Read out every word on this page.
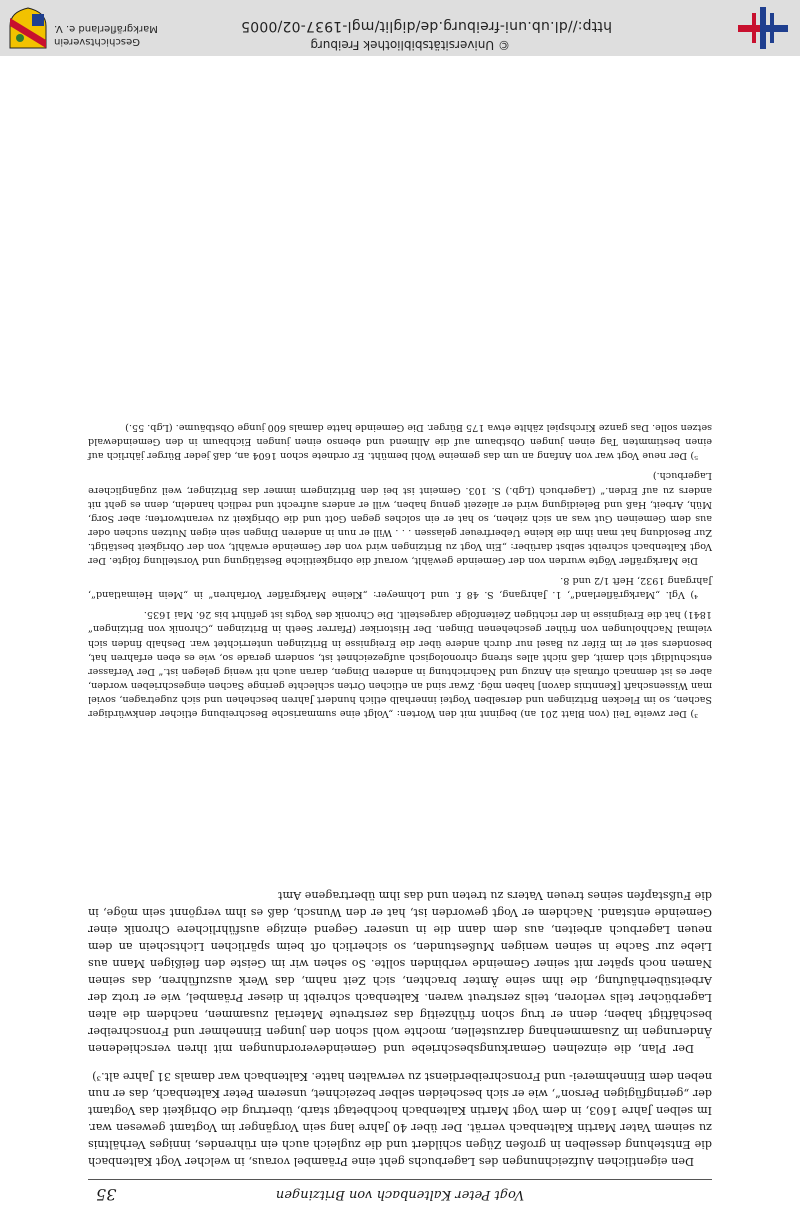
Vogt Peter Kaltenbach von Britzingen
35

Den eigentlichen Aufzeichnungen des Lagerbuchs geht eine Präambel voraus, in welcher Vogt Kaltenbach die Entstehung desselben in großen Zügen schildert und die zugleich auch ein rührendes, inniges Verhältnis zu seinem Vater Martin Kaltenbach verrät. Der über 40 Jahre lang sein Vorgänger im Vogtamt gewesen war. Im selben Jahre 1603, in dem Vogt Martin Kaltenbach hochbetagt starb, übertrug die Obrigkeit das Vogtamt der „geringfügigen Person“, wie er sich bescheiden selber bezeichnet, unserem Peter Kaltenbach, das er nun neben dem Einnehmerei- und Fronschreiberdienst zu verwalten hatte. Kaltenbach war damals 31 Jahre alt.³)

Der Plan, die einzelnen Gemarkungsbeschriebe und Gemeindeverordnungen mit ihren verschiedenen Änderungen im Zusammenhang darzustellen, mochte wohl schon den jungen Einnehmer und Fronschreiber beschäftigt haben; denn er trug schon frühzeitig das zerstreute Material zusammen, nachdem die alten Lagerbücher teils verloren, teils zerstreut waren. Kaltenbach schreibt in dieser Präambel, wie er trotz der Arbeitsüberhäufung, die ihm seine Ämter brachten, sich Zeit nahm, das Werk auszuführen, das seinen Namen noch später mit seiner Gemeinde verbinden sollte. So sehen wir im Geiste den fleißigen Mann aus Liebe zur Sache in seinen wenigen Mußestunden, so sicherlich oft beim spärlichen Lichtschein an dem neuen Lagerbuch arbeiten, aus dem dann die in unserer Gegend einzige ausführlichere Chronik einer Gemeinde entstand. Nachdem er Vogt geworden ist, hat er den Wunsch, daß es ihm vergönnt sein möge, in die Fußstapfen seines treuen Vaters zu treten und das ihm übertragene Amt

³) Der zweite Teil (von Blatt 201 an) beginnt mit den Worten: „Volgt eine summarische Beschreibung etlicher denkwürdiger Sachen, so im Flecken Britzingen und derselben Vogtei innerhalb etlich hundert Jahren beschehen und sich zugetragen, soviel man Wissenschaft [Kenntnis davon] haben mög. Zwar sind an etlichen Orten schlechte geringe Sachen eingeschrieben worden, aber es ist demnach oftmals ein Anzug und Nachrichtung in anderen Dingen, daran auch nit wenig gelegen ist.“ Der Verfasser entschuldigt sich damit, daß nicht alles streng chronologisch aufgezeichnet ist, sondern gerade so, wie es eben erfahren hat, besonders seit er im Eifer zu Basel nur durch andere über die Ereignisse in Britzingen unterrichtet war. Deshalb finden sich vielmal Nachholungen von früher geschehenen Dingen. Der Historiker (Pfarrer Seeth in Britzingen „Chronik von Britzingen“ 1841) hat die Ereignisse in der richtigen Zeitenfolge dargestellt. Die Chronik des Vogts ist geführt bis 26. Mai 1635.

⁴) Vgl. „Markgräflerland“, 1. Jahrgang, S. 48 f. und Lohmeyer: „Kleine Markgräfler Vorfahren“ in „Mein Heimatland“, Jahrgang 1932, Heft 1/2 und 8.

Die Markgräfler Vögte wurden von der Gemeinde gewählt, worauf die obrigkeitliche Bestätigung und Vorstellung folgte. Der Vogt Kaltenbach schreibt selbst darüber: „Ein Vogt zu Britzingen wird von der Gemeinde erwählt, von der Obrigkeit bestätigt. Zur Besoldung hat man ihm die kleine Ueberfreuer gelassen . . . Will er nun in anderen Dingen sein eigen Nutzen suchen oder aus dem Gemeinen Gut was an sich ziehen, so hat er ein solches gegen Gott und die Obrigkeit zu verantworten; aber Sorg, Müh, Arbeit, Haß und Beleidigung wird er allezeit genug haben, will er anders aufrecht und redlich handeln, denn es geht nit anders zu auf Erden.“ (Lagerbuch (Lgb.) S. 103. Gemeint ist bei den Britzingern immer das Britzinger, weil zugänglichere Lagerbuch.)

⁵) Der neue Vogt war von Anfang an um das gemeine Wohl bemüht. Er ordnete schon 1604 an, daß jeder Bürger jährlich auf einen bestimmten Tag einen jungen Obstbaum auf die Allmend und ebenso einen jungen Eichbaum in den Gemeindewald setzen solle. Das ganze Kirchspiel zählte etwa 175 Bürger. Die Gemeinde hatte damals 600 junge Obstbäume. (Lgb. 55.)

http://dl.ub.uni-freiburg.de/diglit/mgl-1937-02/0005
© Universitätsbibliothek Freiburg
Geschichtsverein
Markgräflerland e. V.
